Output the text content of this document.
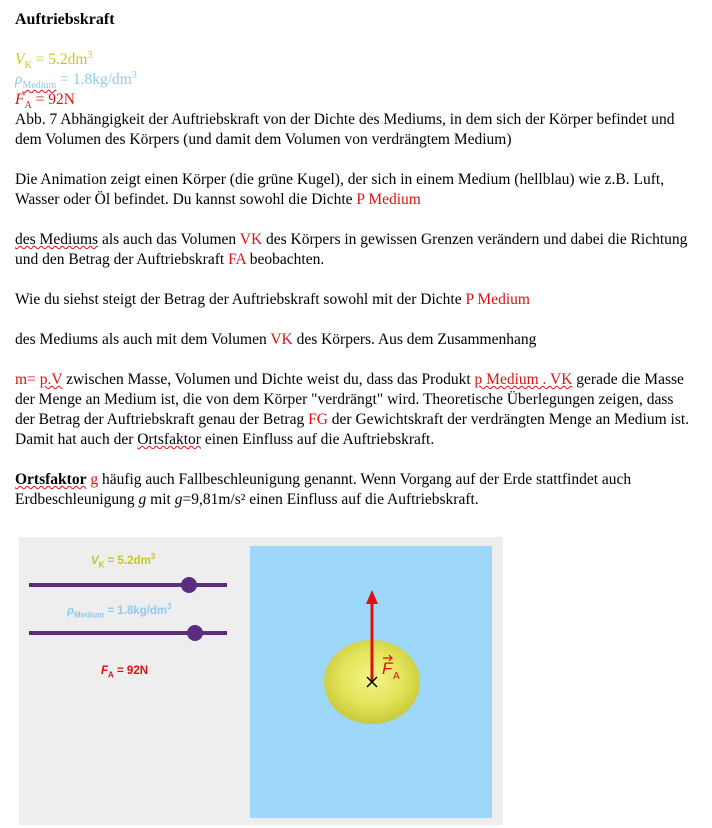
Auftriebskraft

$V_K = 5.2dm^3$

$\rho_{Medium} = 1.8kg/dm^3$

$F_A = 92N$

Abb. 7 Abhängigkeit der Auftriebskraft von der Dichte des Mediums, in dem sich der Körper befindet und dem Volumen des Körpers (und damit dem Volumen von verdrängtem Medium)

Die Animation zeigt einen Körper (die grüne Kugel), der sich in einem Medium (hellblau) wie z.B. Luft, Wasser oder Öl befindet. Du kannst sowohl die Dichte P Medium

des Mediums als auch das Volumen VK des Körpers in gewissen Grenzen verändern und dabei die Richtung und den Betrag der Auftriebskraft FA beobachten.

Wie du siehst steigt der Betrag der Auftriebskraft sowohl mit der Dichte P Medium

des Mediums als auch mit dem Volumen VK des Körpers. Aus dem Zusammenhang

m= p.V zwischen Masse, Volumen und Dichte weist du, dass das Produkt p Medium . VK gerade die Masse der Menge an Medium ist, die von dem Körper "verdrängt" wird. Theoretische Überlegungen zeigen, dass der Betrag der Auftriebskraft genau der Betrag FG der Gewichtskraft der verdrängten Menge an Medium ist. Damit hat auch der Ortsfaktor einen Einfluss auf die Auftriebskraft.

Ortsfaktor g häufig auch Fallbeschleunigung genannt. Wenn Vorgang auf der Erde stattfindet auch Erdbeschleunigung g mit g=9,81m/s² einen Einfluss auf die Auftriebskraft.

$V_K = 5.2dm^3$
$\rho_{Medium} = 1.8kg/dm^3$
$F_A = 92N$	F A
